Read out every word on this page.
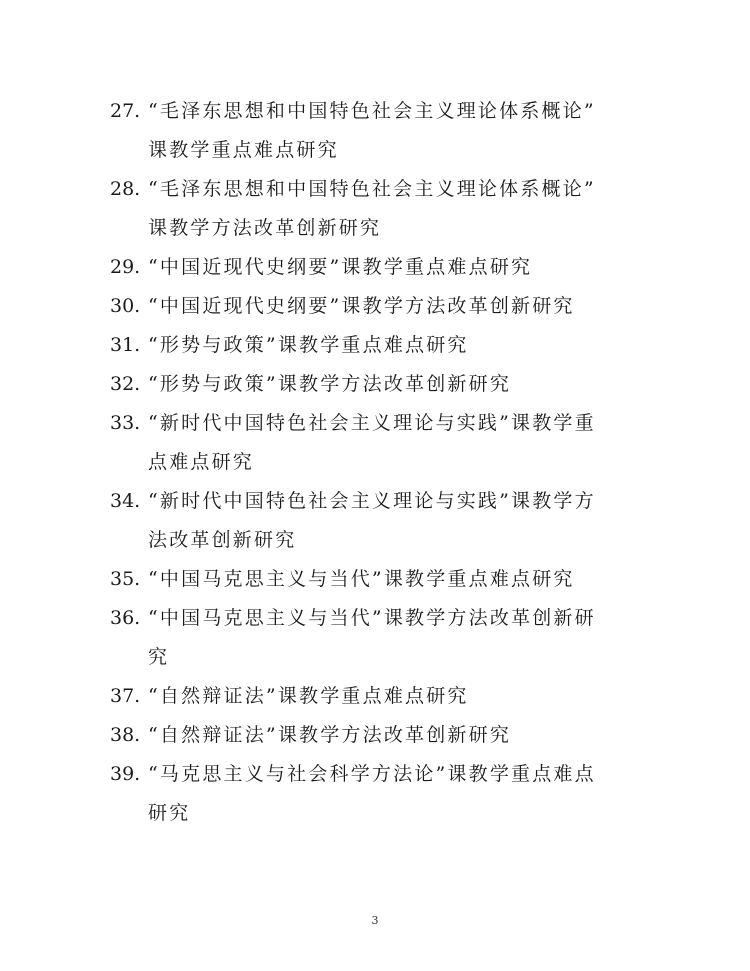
27. “毛泽东思想和中国特色社会主义理论体系概论”
课教学重点难点研究
28. “毛泽东思想和中国特色社会主义理论体系概论”
课教学方法改革创新研究
29. “中国近现代史纲要”课教学重点难点研究
30. “中国近现代史纲要”课教学方法改革创新研究
31. “形势与政策”课教学重点难点研究
32. “形势与政策”课教学方法改革创新研究
33. “新时代中国特色社会主义理论与实践”课教学重
点难点研究
34. “新时代中国特色社会主义理论与实践”课教学方
法改革创新研究
35. “中国马克思主义与当代”课教学重点难点研究
36. “中国马克思主义与当代”课教学方法改革创新研
究
37. “自然辩证法”课教学重点难点研究
38. “自然辩证法”课教学方法改革创新研究
39. “马克思主义与社会科学方法论”课教学重点难点
研究
3
